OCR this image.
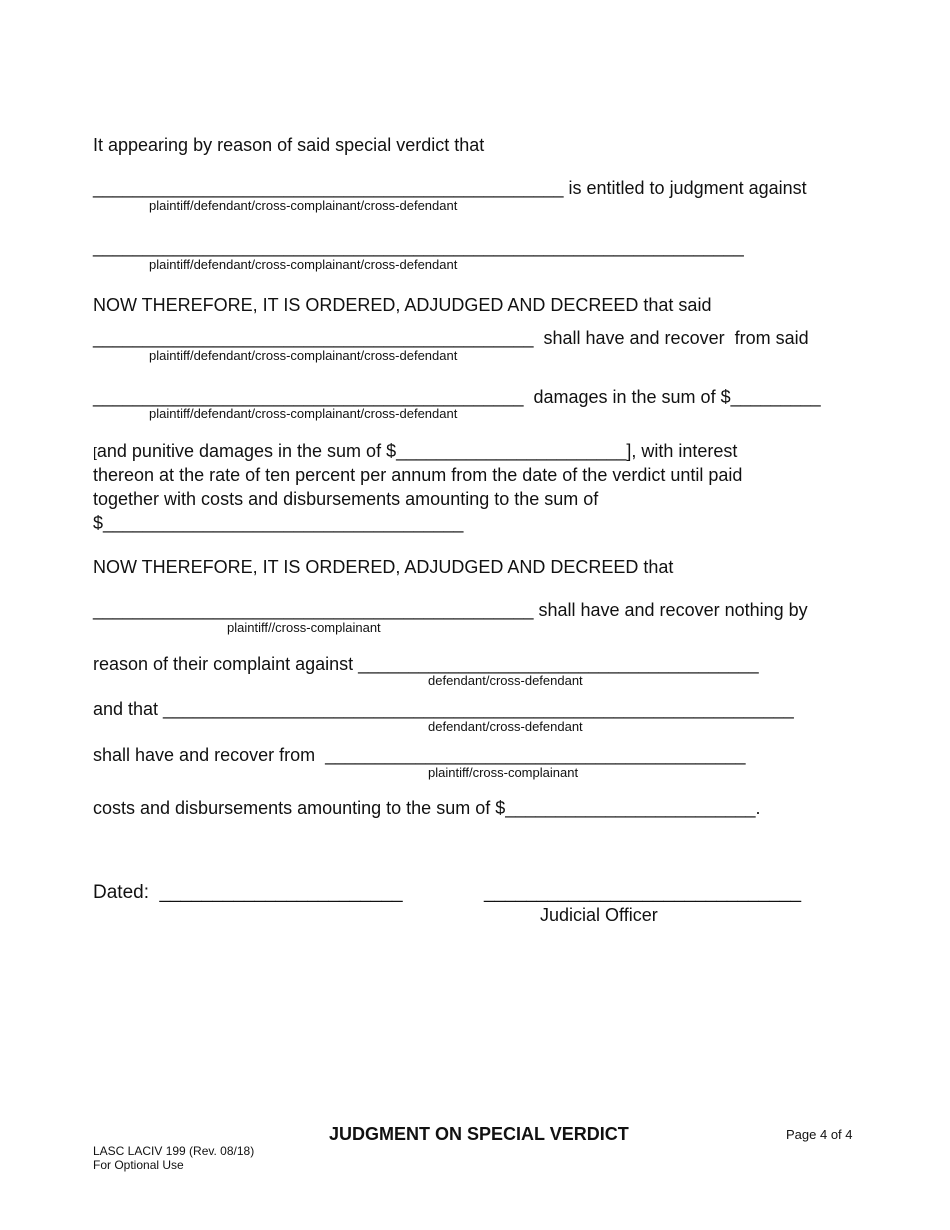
It appearing by reason of said special verdict that
_______________________________________________ is entitled to judgment against
plaintiff/defendant/cross-complainant/cross-defendant
_________________________________________________________________
plaintiff/defendant/cross-complainant/cross-defendant
NOW THEREFORE, IT IS ORDERED, ADJUDGED AND DECREED that said
____________________________________________  shall have and recover  from said
plaintiff/defendant/cross-complainant/cross-defendant
___________________________________________  damages in the sum of $_________
plaintiff/defendant/cross-complainant/cross-defendant
[and punitive damages in the sum of $_______________________], with interest
thereon at the rate of ten percent per annum from the date of the verdict until paid
together with costs and disbursements amounting to the sum of
$____________________________________
NOW THEREFORE, IT IS ORDERED, ADJUDGED AND DECREED that
____________________________________________ shall have and recover nothing by
plaintiff//cross-complainant
reason of their complaint against ________________________________________
defendant/cross-defendant
and that _______________________________________________________________
defendant/cross-defendant
shall have and recover from  __________________________________________
plaintiff/cross-complainant
costs and disbursements amounting to the sum of $_________________________.
Dated:  _______________________	______________________________
Judicial Officer
JUDGMENT ON SPECIAL VERDICT	Page 4 of 4
LASC LACIV 199 (Rev. 08/18)
For Optional Use
